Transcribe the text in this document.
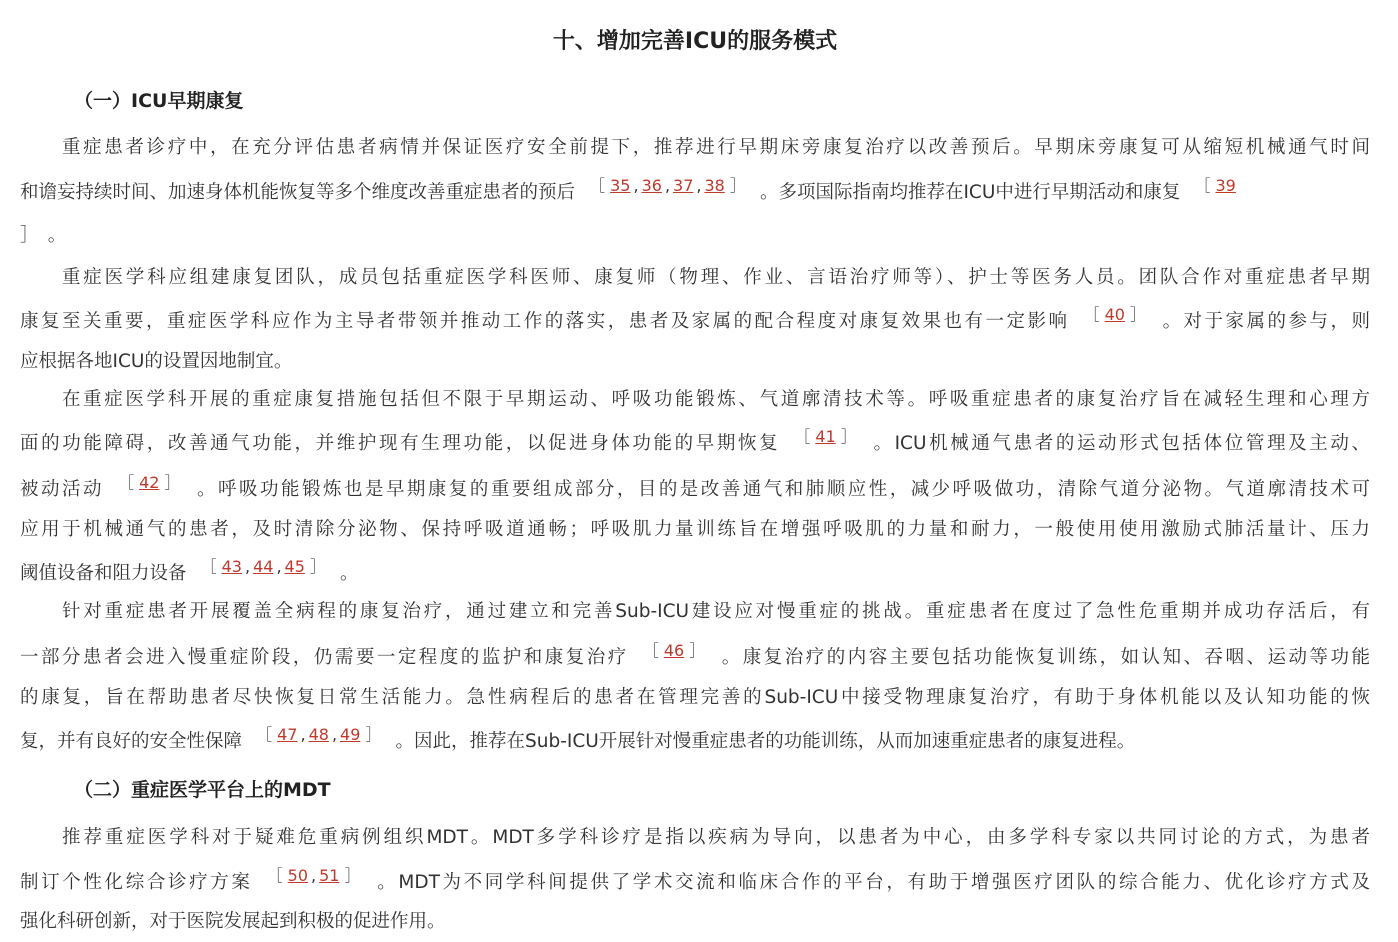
十、增加完善ICU的服务模式
（一）ICU早期康复
重症患者诊疗中，在充分评估患者病情并保证医疗安全前提下，推荐进行早期床旁康复治疗以改善预后。早期床旁康复可从缩短机械通气时间
和谵妄持续时间、加速身体机能恢复等多个维度改善重症患者的预后 ［ 35 , 36 , 37 , 38 ］ 。多项国际指南均推荐在ICU中进行早期活动和康复 ［ 39
］　。
重症医学科应组建康复团队，成员包括重症医学科医师、康复师（物理、作业、言语治疗师等）、护士等医务人员。团队合作对重症患者早期
康复至关重要，重症医学科应作为主导者带领并推动工作的落实，患者及家属的配合程度对康复效果也有一定影响 ［ 40 ］ 。对于家属的参与，则
应根据各地ICU的设置因地制宜。
在重症医学科开展的重症康复措施包括但不限于早期运动、呼吸功能锻炼、气道廓清技术等。呼吸重症患者的康复治疗旨在减轻生理和心理方
面的功能障碍，改善通气功能，并维护现有生理功能，以促进身体功能的早期恢复 ［ 41 ］ 。ICU机械通气患者的运动形式包括体位管理及主动、
被动活动 ［ 42 ］ 。呼吸功能锻炼也是早期康复的重要组成部分，目的是改善通气和肺顺应性，减少呼吸做功，清除气道分泌物。气道廓清技术可
应用于机械通气的患者，及时清除分泌物、保持呼吸道通畅；呼吸肌力量训练旨在增强呼吸肌的力量和耐力，一般使用使用激励式肺活量计、压力
阈值设备和阻力设备 ［ 43 , 44 , 45 ］ 。
针对重症患者开展覆盖全病程的康复治疗，通过建立和完善Sub-ICU建设应对慢重症的挑战。重症患者在度过了急性危重期并成功存活后，有
一部分患者会进入慢重症阶段，仍需要一定程度的监护和康复治疗 ［ 46 ］ 。康复治疗的内容主要包括功能恢复训练，如认知、吞咽、运动等功能
的康复，旨在帮助患者尽快恢复日常生活能力。急性病程后的患者在管理完善的Sub-ICU中接受物理康复治疗，有助于身体机能以及认知功能的恢
复，并有良好的安全性保障 ［ 47 , 48 , 49 ］ 。因此，推荐在Sub-ICU开展针对慢重症患者的功能训练，从而加速重症患者的康复进程。
（二）重症医学平台上的MDT
推荐重症医学科对于疑难危重病例组织MDT。MDT多学科诊疗是指以疾病为导向，以患者为中心，由多学科专家以共同讨论的方式，为患者
制订个性化综合诊疗方案 ［ 50 , 51 ］ 。MDT为不同学科间提供了学术交流和临床合作的平台，有助于增强医疗团队的综合能力、优化诊疗方式及
强化科研创新，对于医院发展起到积极的促进作用。
